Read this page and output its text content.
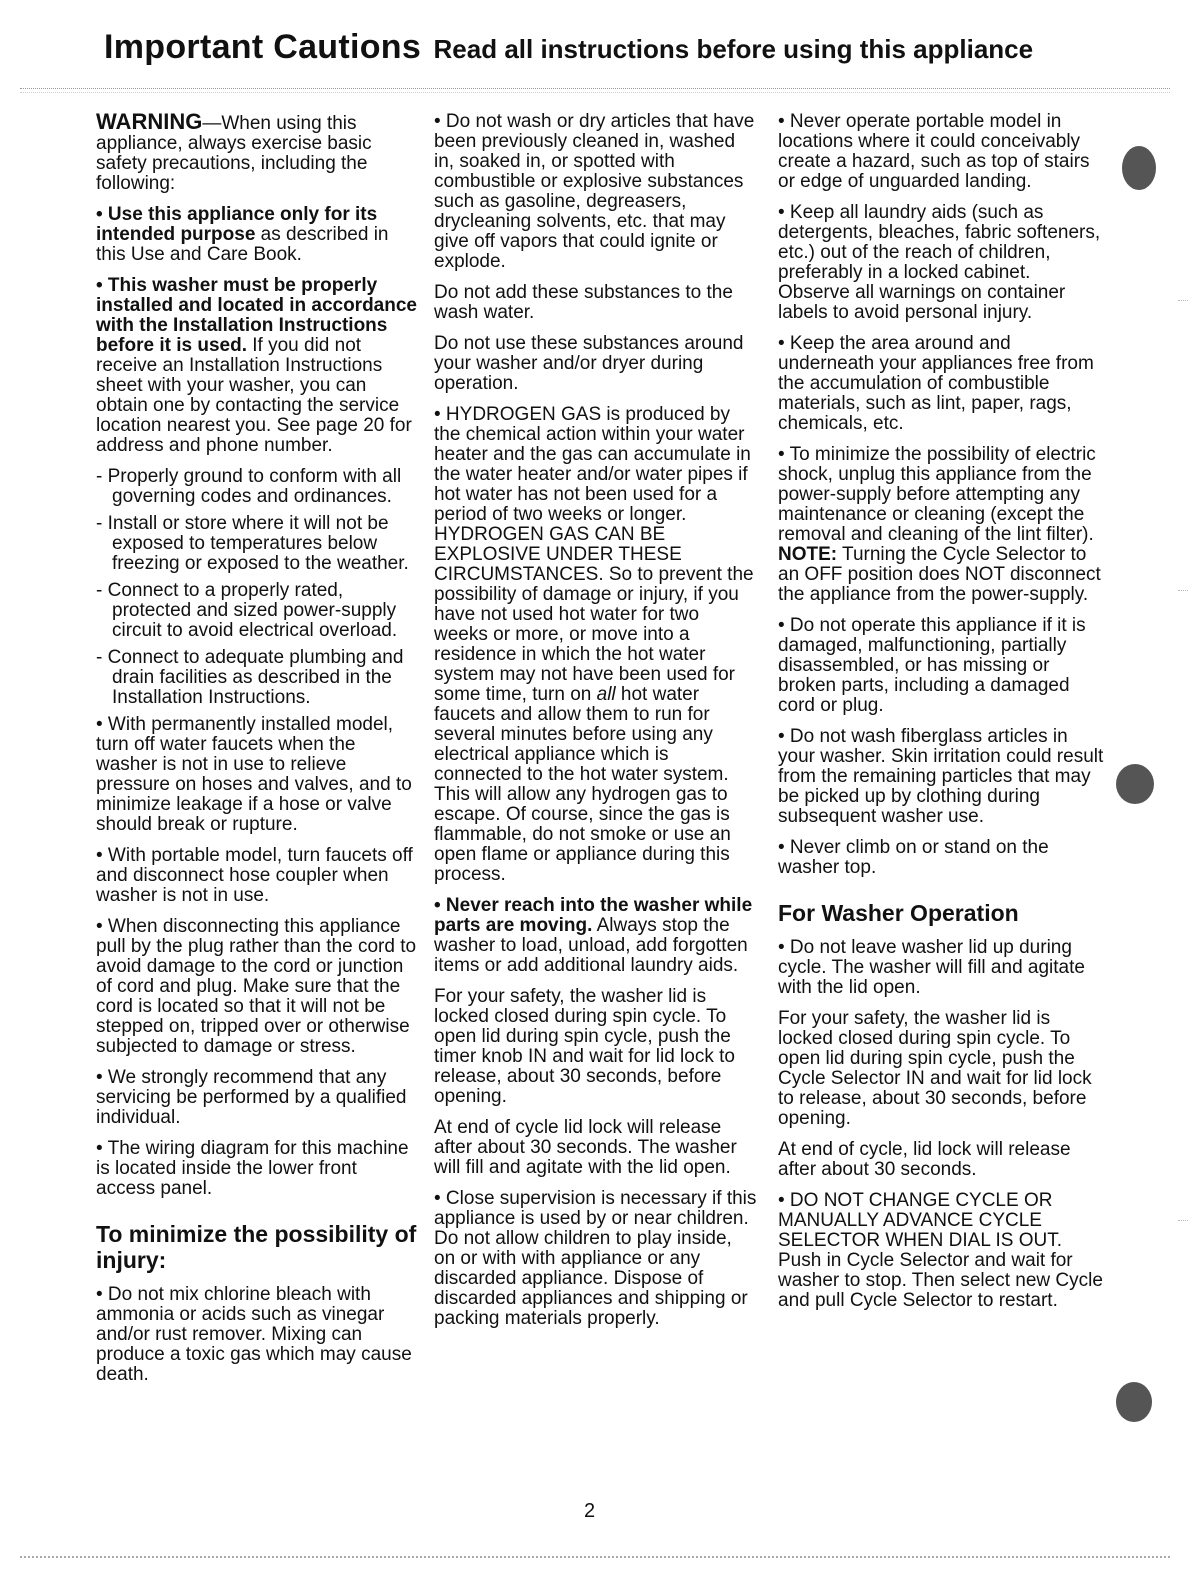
Important Cautions Read all instructions before using this appliance

WARNING—When using this appliance, always exercise basic safety precautions, including the following:

• Use this appliance only for its intended purpose as described in this Use and Care Book.

• This washer must be properly installed and located in accordance with the Installation Instructions before it is used. If you did not receive an Installation Instructions sheet with your washer, you can obtain one by contacting the service location nearest you. See page 20 for address and phone number.

- Properly ground to conform with all governing codes and ordinances.

- Install or store where it will not be exposed to temperatures below freezing or exposed to the weather.

- Connect to a properly rated, protected and sized power-supply circuit to avoid electrical overload.

- Connect to adequate plumbing and drain facilities as described in the Installation Instructions.

• With permanently installed model, turn off water faucets when the washer is not in use to relieve pressure on hoses and valves, and to minimize leakage if a hose or valve should break or rupture.

• With portable model, turn faucets off and disconnect hose coupler when washer is not in use.

• When disconnecting this appliance pull by the plug rather than the cord to avoid damage to the cord or junction of cord and plug. Make sure that the cord is located so that it will not be stepped on, tripped over or otherwise subjected to damage or stress.

• We strongly recommend that any servicing be performed by a qualified individual.

• The wiring diagram for this machine is located inside the lower front access panel.

To minimize the possibility of injury:

• Do not mix chlorine bleach with ammonia or acids such as vinegar and/or rust remover. Mixing can produce a toxic gas which may cause death.

• Do not wash or dry articles that have been previously cleaned in, washed in, soaked in, or spotted with combustible or explosive substances such as gasoline, degreasers, drycleaning solvents, etc. that may give off vapors that could ignite or explode.

Do not add these substances to the wash water.

Do not use these substances around your washer and/or dryer during operation.

• HYDROGEN GAS is produced by the chemical action within your water heater and the gas can accumulate in the water heater and/or water pipes if hot water has not been used for a period of two weeks or longer. HYDROGEN GAS CAN BE EXPLOSIVE UNDER THESE CIRCUMSTANCES. So to prevent the possibility of damage or injury, if you have not used hot water for two weeks or more, or move into a residence in which the hot water system may not have been used for some time, turn on all hot water faucets and allow them to run for several minutes before using any electrical appliance which is connected to the hot water system. This will allow any hydrogen gas to escape. Of course, since the gas is flammable, do not smoke or use an open flame or appliance during this process.

• Never reach into the washer while parts are moving. Always stop the washer to load, unload, add forgotten items or add additional laundry aids.

For your safety, the washer lid is locked closed during spin cycle. To open lid during spin cycle, push the timer knob IN and wait for lid lock to release, about 30 seconds, before opening.

At end of cycle lid lock will release after about 30 seconds. The washer will fill and agitate with the lid open.

• Close supervision is necessary if this appliance is used by or near children. Do not allow children to play inside, on or with with appliance or any discarded appliance. Dispose of discarded appliances and shipping or packing materials properly.

• Never operate portable model in locations where it could conceivably create a hazard, such as top of stairs or edge of unguarded landing.

• Keep all laundry aids (such as detergents, bleaches, fabric softeners, etc.) out of the reach of children, preferably in a locked cabinet. Observe all warnings on container labels to avoid personal injury.

• Keep the area around and underneath your appliances free from the accumulation of combustible materials, such as lint, paper, rags, chemicals, etc.

• To minimize the possibility of electric shock, unplug this appliance from the power-supply before attempting any maintenance or cleaning (except the removal and cleaning of the lint filter).
NOTE: Turning the Cycle Selector to an OFF position does NOT disconnect the appliance from the power-supply.

• Do not operate this appliance if it is damaged, malfunctioning, partially disassembled, or has missing or broken parts, including a damaged cord or plug.

• Do not wash fiberglass articles in your washer. Skin irritation could result from the remaining particles that may be picked up by clothing during subsequent washer use.

• Never climb on or stand on the washer top.

For Washer Operation

• Do not leave washer lid up during cycle. The washer will fill and agitate with the lid open.

For your safety, the washer lid is locked closed during spin cycle. To open lid during spin cycle, push the Cycle Selector IN and wait for lid lock to release, about 30 seconds, before opening.

At end of cycle, lid lock will release after about 30 seconds.

• DO NOT CHANGE CYCLE OR MANUALLY ADVANCE CYCLE SELECTOR WHEN DIAL IS OUT. Push in Cycle Selector and wait for washer to stop. Then select new Cycle and pull Cycle Selector to restart.

2
